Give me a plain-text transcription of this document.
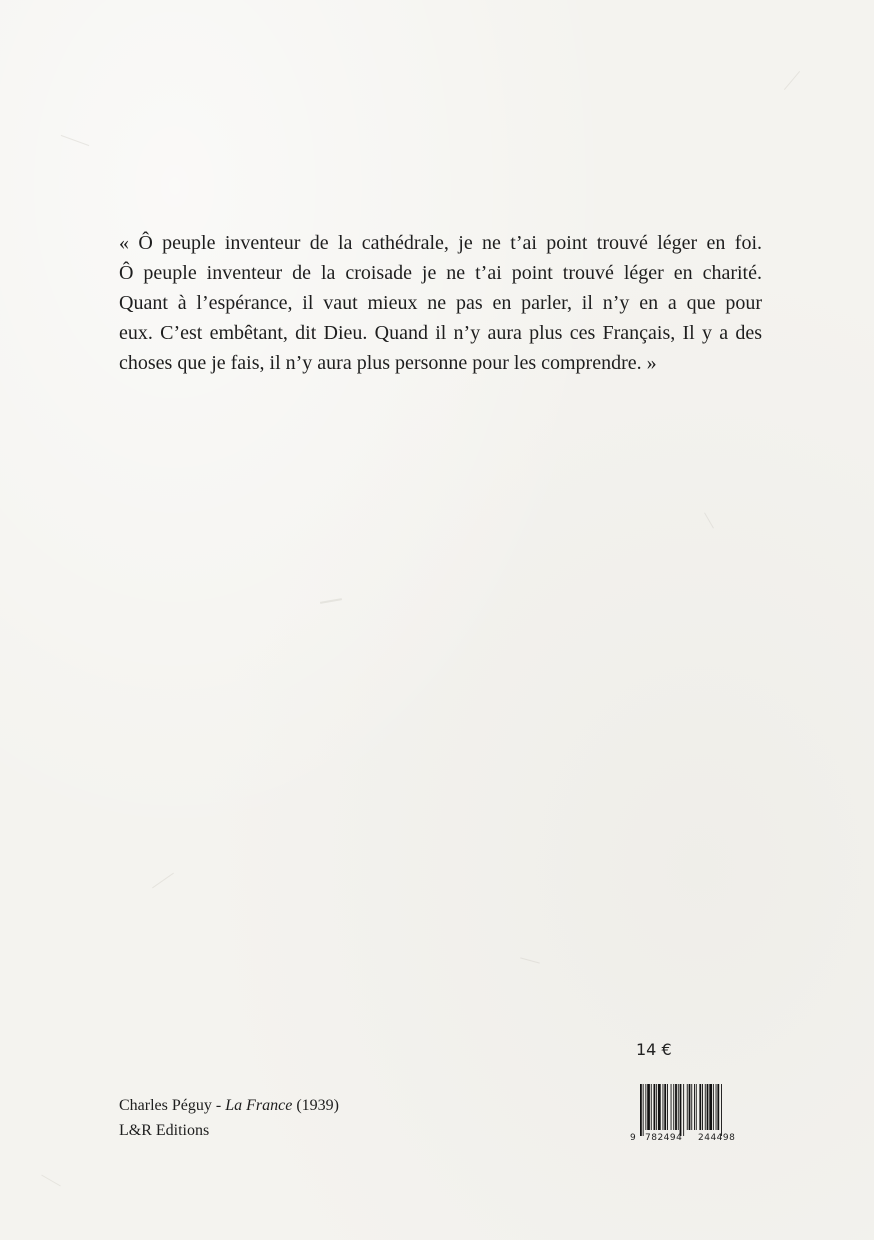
« Ô peuple inventeur de la cathédrale, je ne t’ai point trouvé léger en foi.
Ô peuple inventeur de la croisade je ne t’ai point trouvé léger en charité.
Quant à l’espérance, il vaut mieux ne pas en parler, il n’y en a que pour
eux. C’est embêtant, dit Dieu. Quand il n’y aura plus ces Français, Il y a des
choses que je fais, il n’y aura plus personne pour les comprendre. »
Charles Péguy - La France (1939)
L&R Editions
14 €
9 782494 244498
